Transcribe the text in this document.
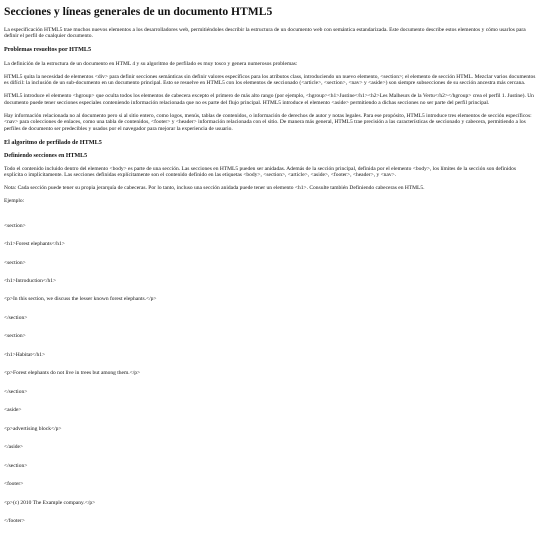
Secciones y líneas generales de un documento HTML5

La especificación HTML5 trae muchos nuevos elementos a los desarrolladores web, permitiéndoles describir la estructura de un documento web con semántica estandarizada. Este documento describe estos elementos y cómo usarlos para definir el perfil de cualquier documento.

Problemas resueltos por HTML5

La definición de la estructura de un documento en HTML 4 y su algoritmo de perfilado es muy tosco y genera numerosos problemas:

HTML5 quita la necesidad de elementos <div> para definir secciones semánticas sin definir valores específicos para los atributos class, introduciendo un nuevo elemento, <section>; el elemento de sección HTML. Mezclar varios documentos es difícil: la inclusión de un sub-documento en un documento principal. Esto se resuelve en HTML5 con los elementos de seccionado (<article>, <section>, <nav> y <aside>) son siempre subsecciones de su sección ancestra más cercana.

HTML5 introduce el elemento <hgroup> que oculta todos los elementos de cabecera excepto el primero de más alto rango (por ejemplo, <hgroup><h1>Justine</h1><h2>Les Malheurs de la Vertu</h2></hgroup> crea el perfil 1. Justine). Un documento puede tener secciones especiales conteniendo información relacionada que no es parte del flujo principal. HTML5 introduce el elemento <aside> permitiendo a dichas secciones no ser parte del perfil principal.

Hay información relacionada no al documento pero si al sitio entero, como logos, menús, tablas de contenidos, o información de derechos de autor y notas legales. Para ese propósito, HTML5 introduce tres elementos de sección específicos: <nav> para colecciones de enlaces, como una tabla de contenidos, <footer> y <header> información relacionada con el sitio. De manera más general, HTML5 trae precisión a las características de seccionado y cabecera, permitiendo a los perfiles de documento ser predecibles y usados por el navegador para mejorar la experiencia de usuario.

El algoritmo de perfilado de HTML5
Definiendo secciones en HTML5

Todo el contenido incluido dentro del elemento <body> es parte de una sección. Las secciones en HTML5 pueden ser anidadas. Además de la sección principal, definida por el elemento <body>, los límites de la sección son definidos explícita o implícitamente. Las secciones definidas explícitamente son el contenido definido en las etiquetas <body>, <section>, <article>, <aside>, <footer>, <header>, y <nav>.

Nota: Cada sección puede tener su propia jerarquía de cabeceras. Por lo tanto, incluso una sección anidada puede tener un elemento <h1>. Consulte también Definiendo cabeceras en HTML5.

Ejemplo:

<section>

<h1>Forest elephants</h1>

<section>

<h1>Introduction</h1>

<p>In this section, we discuss the lesser known forest elephants.</p>

</section>

<section>

<h1>Habitat</h1>

<p>Forest elephants do not live in trees but among them.</p>

</section>

<aside>

<p>advertising block</p>

</aside>

</section>

<footer>

<p>(c) 2010 The Example company.</p>

</footer>
